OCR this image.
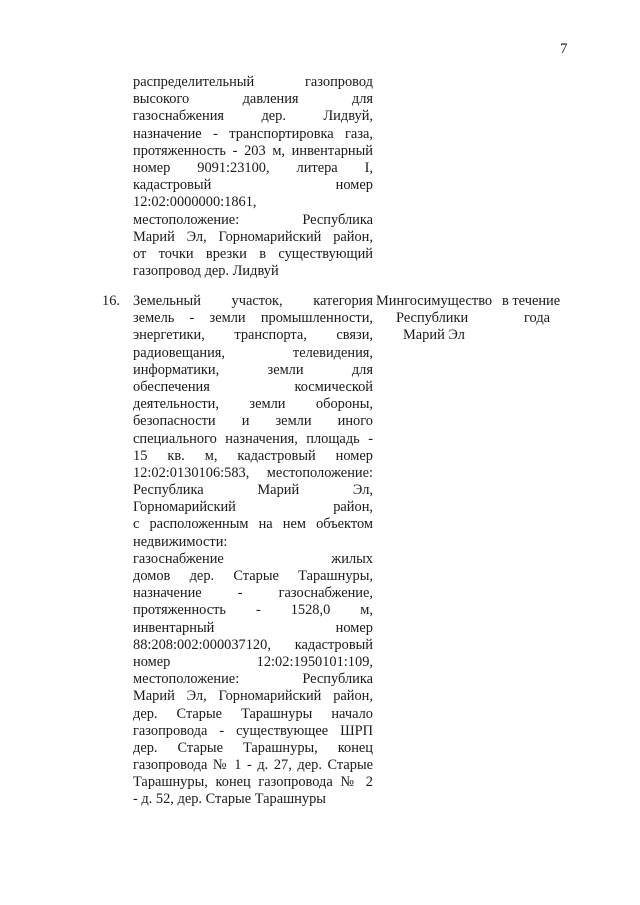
7
распределительный газопровод
высокого давления для
газоснабжения дер. Лидвуй,
назначение - транспортировка газа,
протяженность - 203 м, инвентарный
номер 9091:23100, литера I,
кадастровый номер
12:02:0000000:1861,
местоположение: Республика
Марий Эл, Горномарийский район,
от точки врезки в существующий
газопровод дер. Лидвуй
16. Земельный участок, категория
земель - земли промышленности,
энергетики, транспорта, связи,
радиовещания, телевидения,
информатики, земли для
обеспечения космической
деятельности, земли обороны,
безопасности и земли иного
специального назначения, площадь -
15 кв. м, кадастровый номер
12:02:0130106:583, местоположение:
Республика Марий Эл,
Горномарийский район,
с расположенным на нем объектом
недвижимости:
газоснабжение жилых
домов дер. Старые Тарашнуры,
назначение - газоснабжение,
протяженность - 1528,0 м,
инвентарный номер
88:208:002:000037120, кадастровый
номер 12:02:1950101:109,
местоположение: Республика
Марий Эл, Горномарийский район,
дер. Старые Тарашнуры начало
газопровода - существующее ШРП
дер. Старые Тарашнуры, конец
газопровода № 1 - д. 27, дер. Старые
Тарашнуры, конец газопровода № 2
- д. 52, дер. Старые Тарашнуры
Мингосимущество
Республики
Марий Эл
в течение
года
